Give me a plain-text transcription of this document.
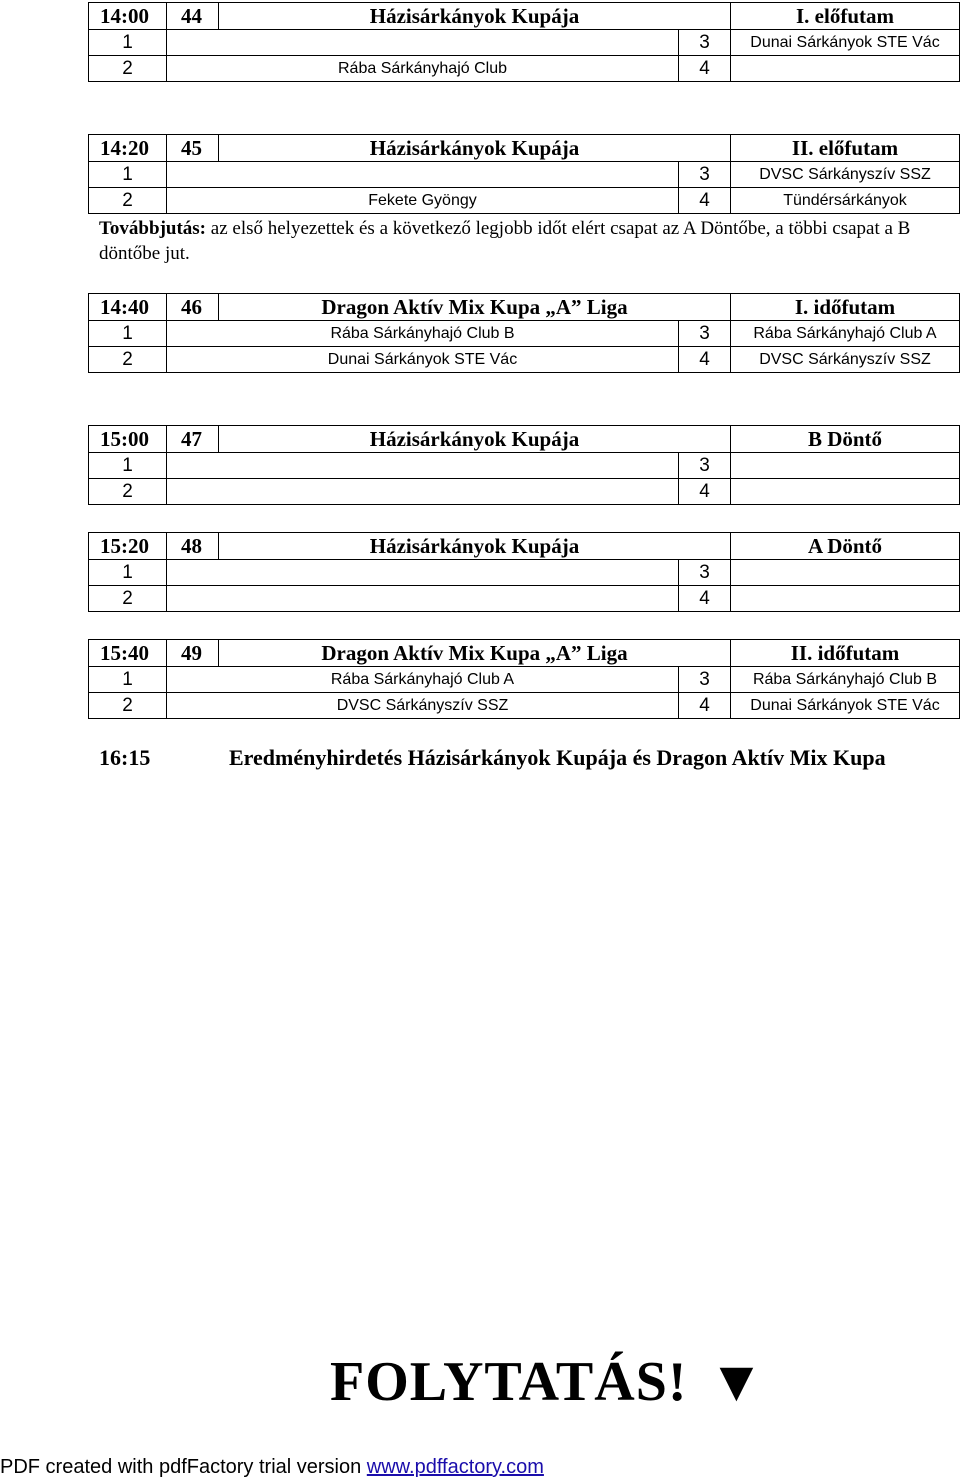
14:00	44	Házisárkányok Kupája		I. előfutam
1			3	Dunai Sárkányok STE Vác
2	Rába Sárkányhajó Club		4	
14:20	45	Házisárkányok Kupája		II. előfutam
1			3	DVSC Sárkányszív SSZ
2	Fekete Gyöngy		4	Tündérsárkányok
14:40	46	Dragon Aktív Mix Kupa „A” Liga		I. időfutam
1	Rába Sárkányhajó Club B		3	Rába Sárkányhajó Club A
2	Dunai Sárkányok STE Vác		4	DVSC Sárkányszív SSZ
15:00	47	Házisárkányok Kupája		B Döntő
1			3	
2			4	
15:20	48	Házisárkányok Kupája		A Döntő
1			3	
2			4	
15:40	49	Dragon Aktív Mix Kupa „A” Liga		II. időfutam
1	Rába Sárkányhajó Club A		3	Rába Sárkányhajó Club B
2	DVSC Sárkányszív SSZ		4	Dunai Sárkányok STE Vác
Továbbjutás: az első helyezettek és a következő legjobb időt elért csapat az A Döntőbe, a többi csapat a B döntőbe jut.
16:15	Eredményhirdetés Házisárkányok Kupája és Dragon Aktív Mix Kupa
FOLYTATÁS! ▼
PDF created with pdfFactory trial version www.pdffactory.com
